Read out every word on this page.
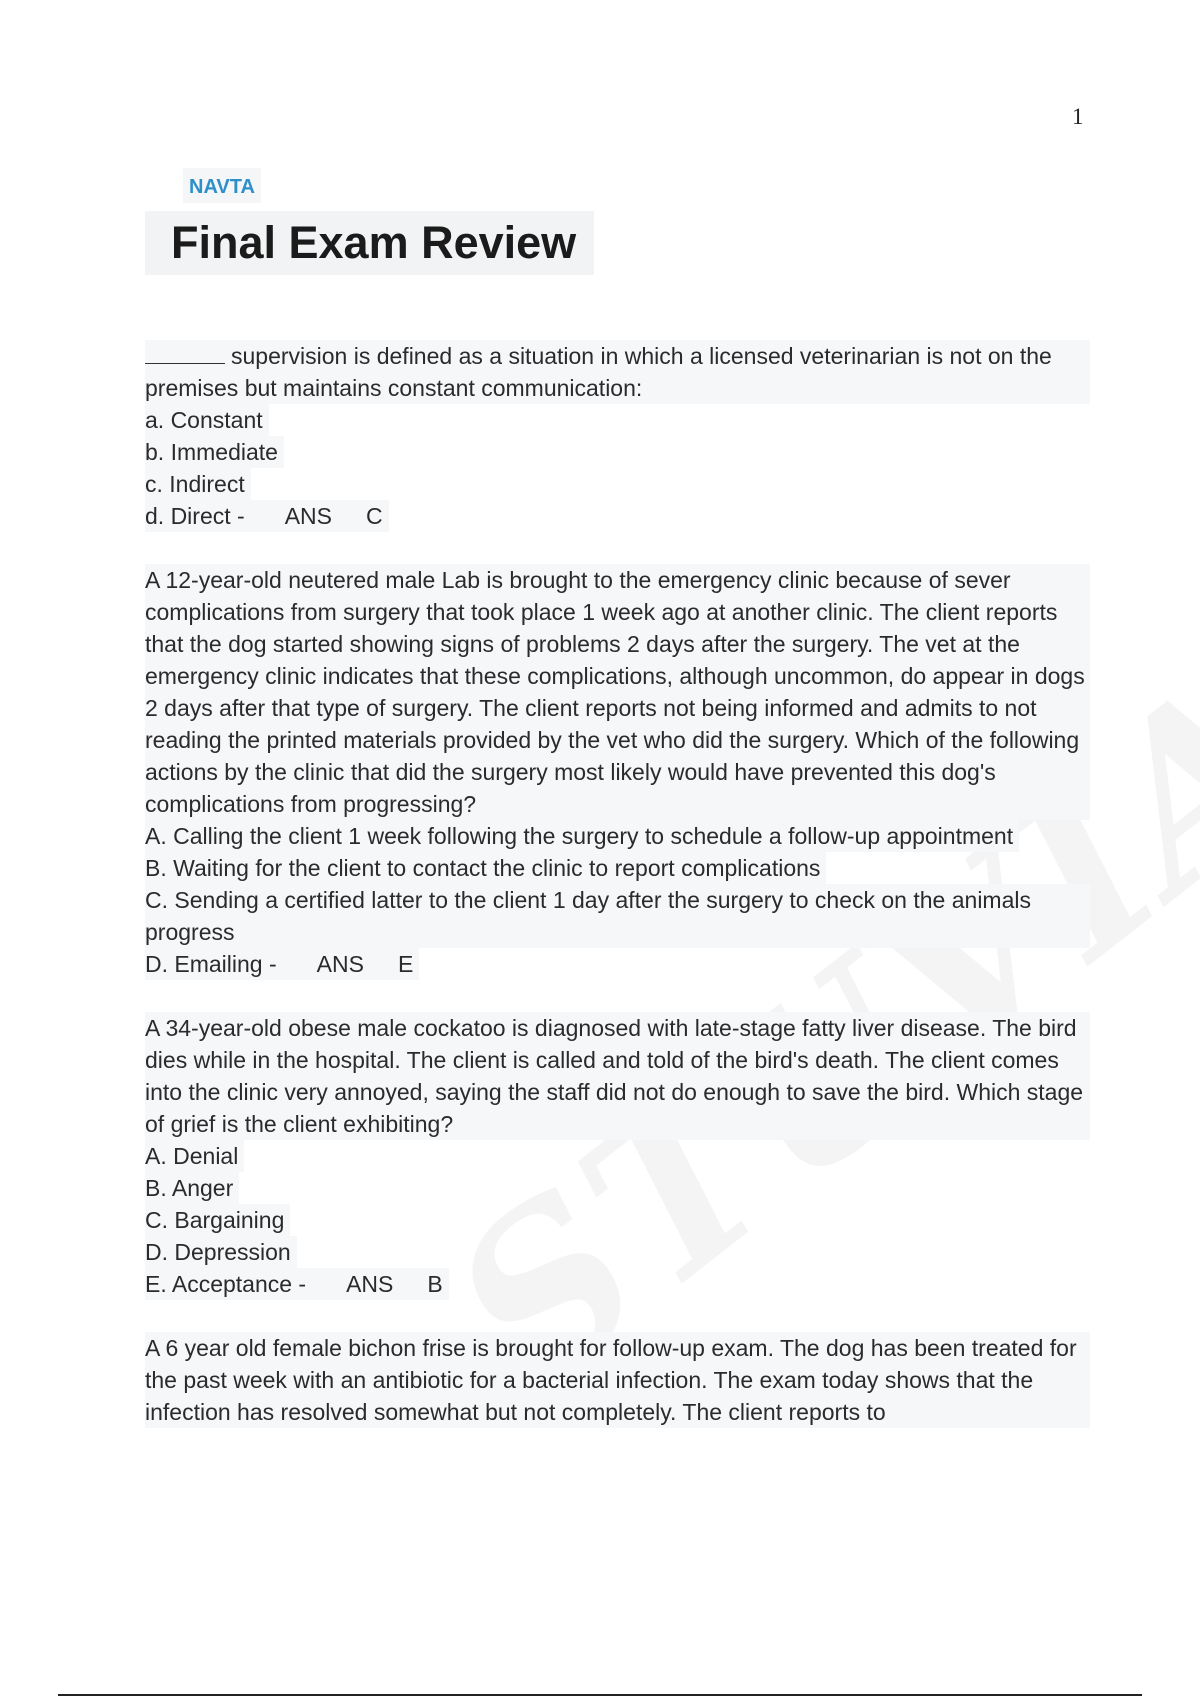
1
NAVTA
Final Exam Review
supervision is defined as a situation in which a licensed veterinarian is not on the premises but maintains constant communication:
a. Constant
b. Immediate
c. Indirect
d. Direct - ANS C
A 12-year-old neutered male Lab is brought to the emergency clinic because of sever complications from surgery that took place 1 week ago at another clinic. The client reports that the dog started showing signs of problems 2 days after the surgery. The vet at the emergency clinic indicates that these complications, although uncommon, do appear in dogs 2 days after that type of surgery. The client reports not being informed and admits to not reading the printed materials provided by the vet who did the surgery. Which of the following actions by the clinic that did the surgery most likely would have prevented this dog's complications from progressing?
A. Calling the client 1 week following the surgery to schedule a follow-up appointment
B. Waiting for the client to contact the clinic to report complications
C. Sending a certified latter to the client 1 day after the surgery to check on the animals progress
D. Emailing - ANS E
A 34-year-old obese male cockatoo is diagnosed with late-stage fatty liver disease. The bird dies while in the hospital. The client is called and told of the bird's death. The client comes into the clinic very annoyed, saying the staff did not do enough to save the bird. Which stage of grief is the client exhibiting?
A. Denial
B. Anger
C. Bargaining
D. Depression
E. Acceptance - ANS B
A 6 year old female bichon frise is brought for follow-up exam. The dog has been treated for the past week with an antibiotic for a bacterial infection. The exam today shows that the infection has resolved somewhat but not completely. The client reports to
